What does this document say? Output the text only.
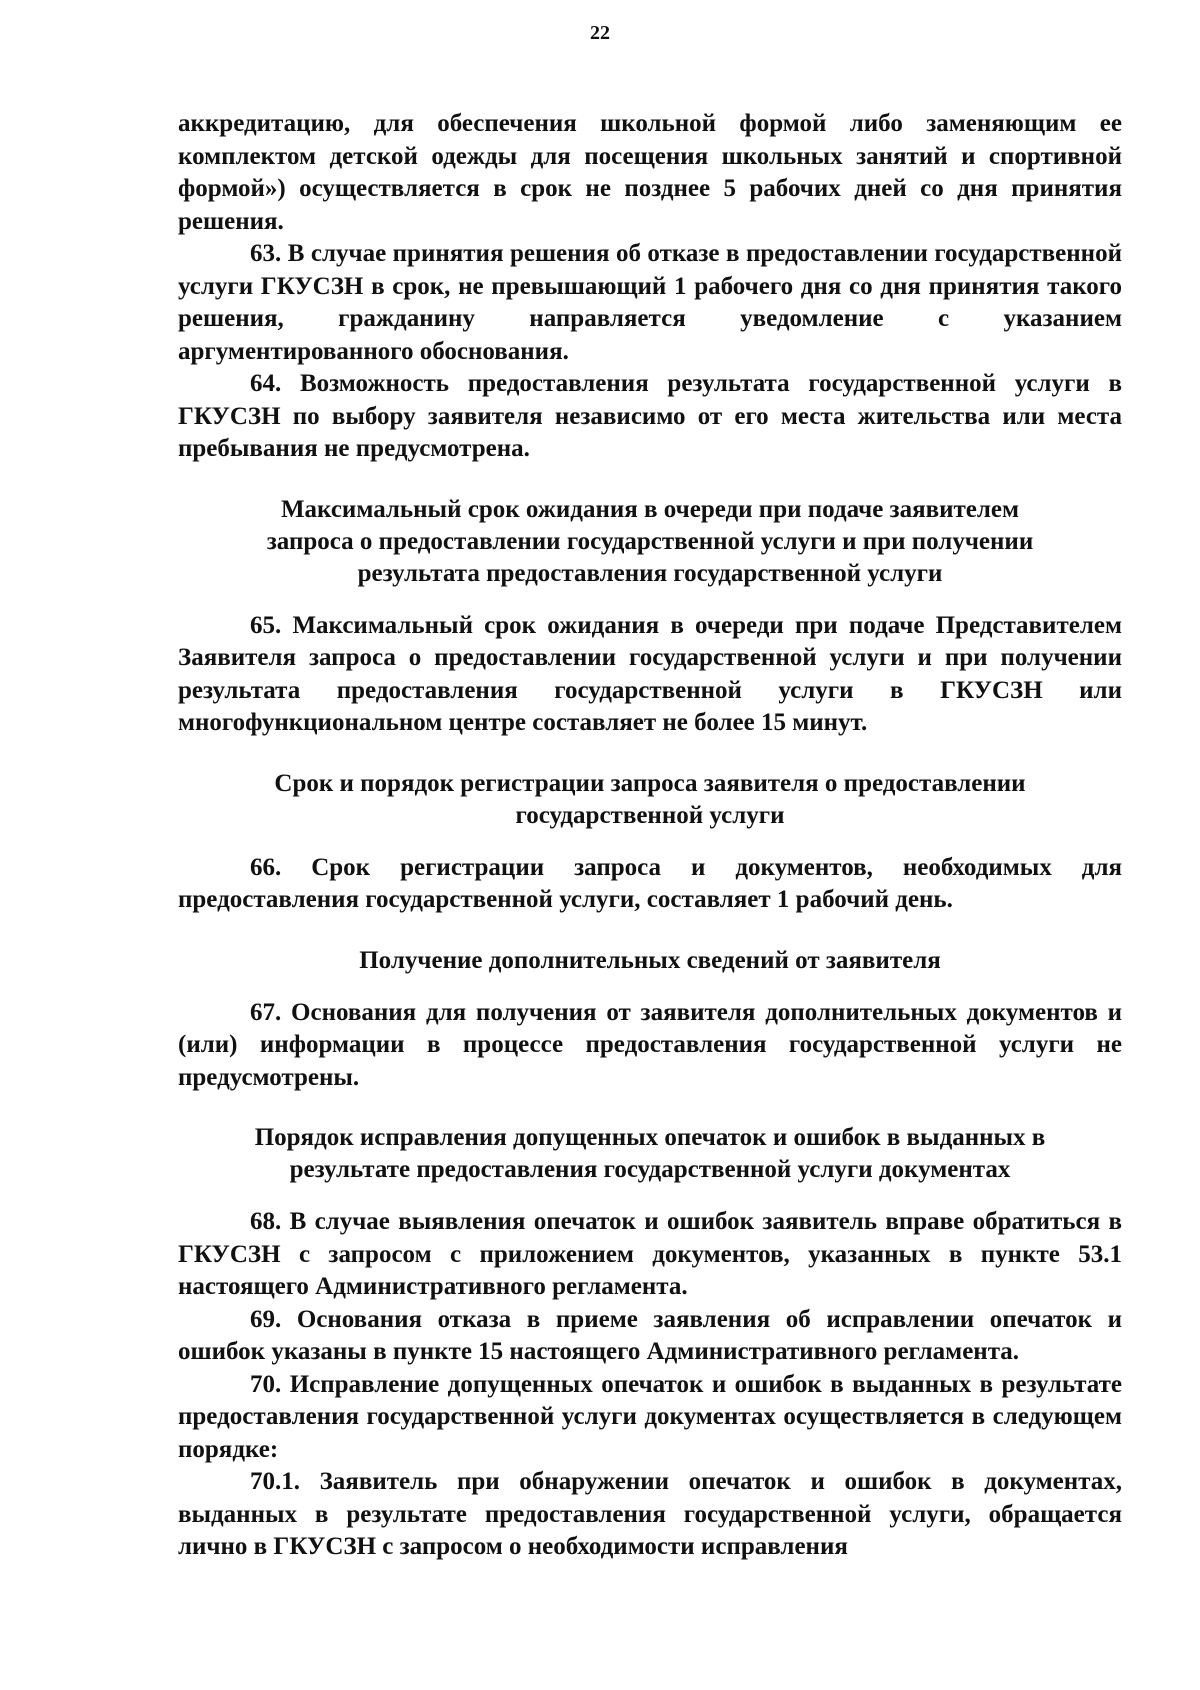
22

аккредитацию, для обеспечения школьной формой либо заменяющим ее комплектом детской одежды для посещения школьных занятий и спортивной формой») осуществляется в срок не позднее 5 рабочих дней со дня принятия решения.

63. В случае принятия решения об отказе в предоставлении государственной услуги ГКУСЗН в срок, не превышающий 1 рабочего дня со дня принятия такого решения, гражданину направляется уведомление с указанием аргументированного обоснования.

64. Возможность предоставления результата государственной услуги в ГКУСЗН по выбору заявителя независимо от его места жительства или места пребывания не предусмотрена.

Максимальный срок ожидания в очереди при подаче заявителем запроса о предоставлении государственной услуги и при получении результата предоставления государственной услуги

65. Максимальный срок ожидания в очереди при подаче Представителем Заявителя запроса о предоставлении государственной услуги и при получении результата предоставления государственной услуги в ГКУСЗН или многофункциональном центре составляет не более 15 минут.

Срок и порядок регистрации запроса заявителя о предоставлении государственной услуги

66. Срок регистрации запроса и документов, необходимых для предоставления государственной услуги, составляет 1 рабочий день.

Получение дополнительных сведений от заявителя

67. Основания для получения от заявителя дополнительных документов и (или) информации в процессе предоставления государственной услуги не предусмотрены.

Порядок исправления допущенных опечаток и ошибок в выданных в результате предоставления государственной услуги документах

68. В случае выявления опечаток и ошибок заявитель вправе обратиться в ГКУСЗН с запросом с приложением документов, указанных в пункте 53.1 настоящего Административного регламента.

69. Основания отказа в приеме заявления об исправлении опечаток и ошибок указаны в пункте 15 настоящего Административного регламента.

70. Исправление допущенных опечаток и ошибок в выданных в результате предоставления государственной услуги документах осуществляется в следующем порядке:

70.1. Заявитель при обнаружении опечаток и ошибок в документах, выданных в результате предоставления государственной услуги, обращается лично в ГКУСЗН с запросом о необходимости исправления
